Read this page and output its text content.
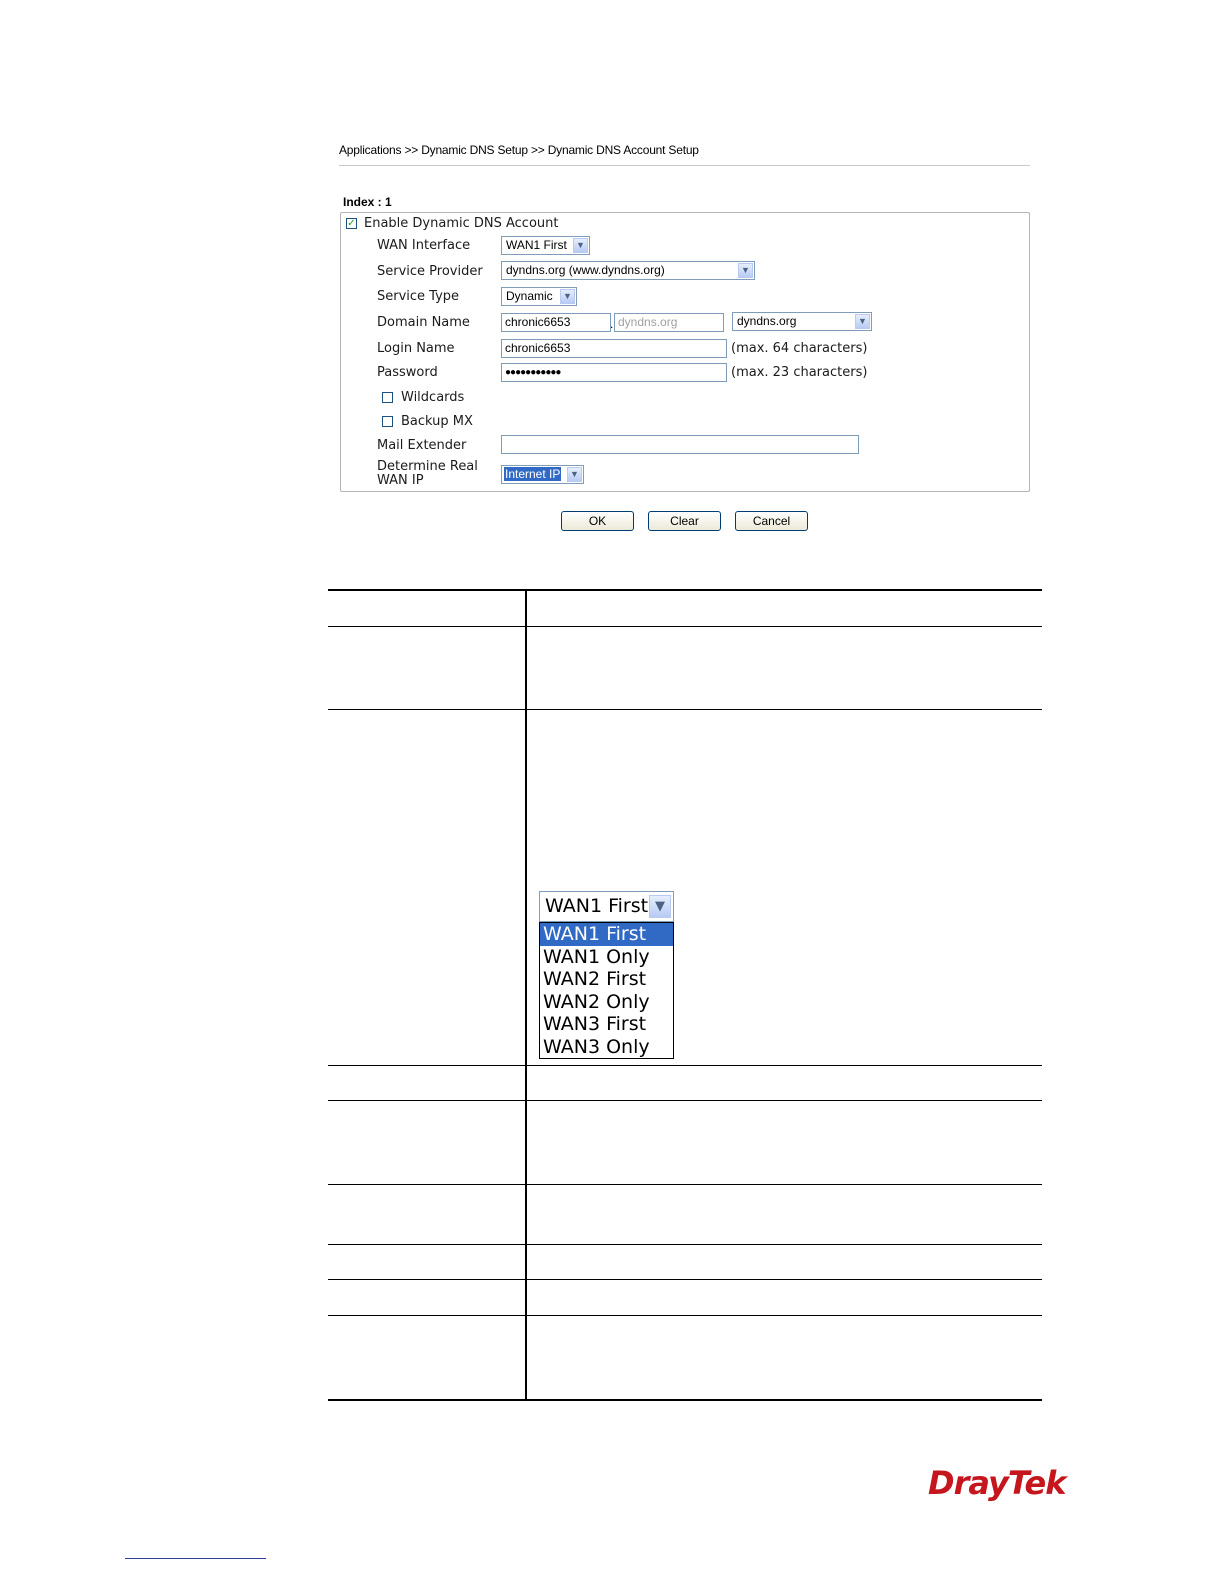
Applications >> Dynamic DNS Setup >> Dynamic DNS Account Setup
Index : 1
✓ Enable Dynamic DNS Account
WAN Interface	WAN1 First	▼
Service Provider	dyndns.org (www.dyndns.org)	▼
Service Type	Dynamic	▼
Domain Name	chronic6653	. dyndns.org	dyndns.org	▼
Login Name	chronic6653	(max. 64 characters)
Password	●●●●●●●●●●●	(max. 23 characters)
Wildcards
Backup MX
Mail Extender
Determine Real
WAN IP	Internet IP	▼
OK	Clear	Cancel
WAN1 First ▼
WAN1 First
WAN1 Only
WAN2 First
WAN2 Only
WAN3 First
WAN3 Only
DrayTek
